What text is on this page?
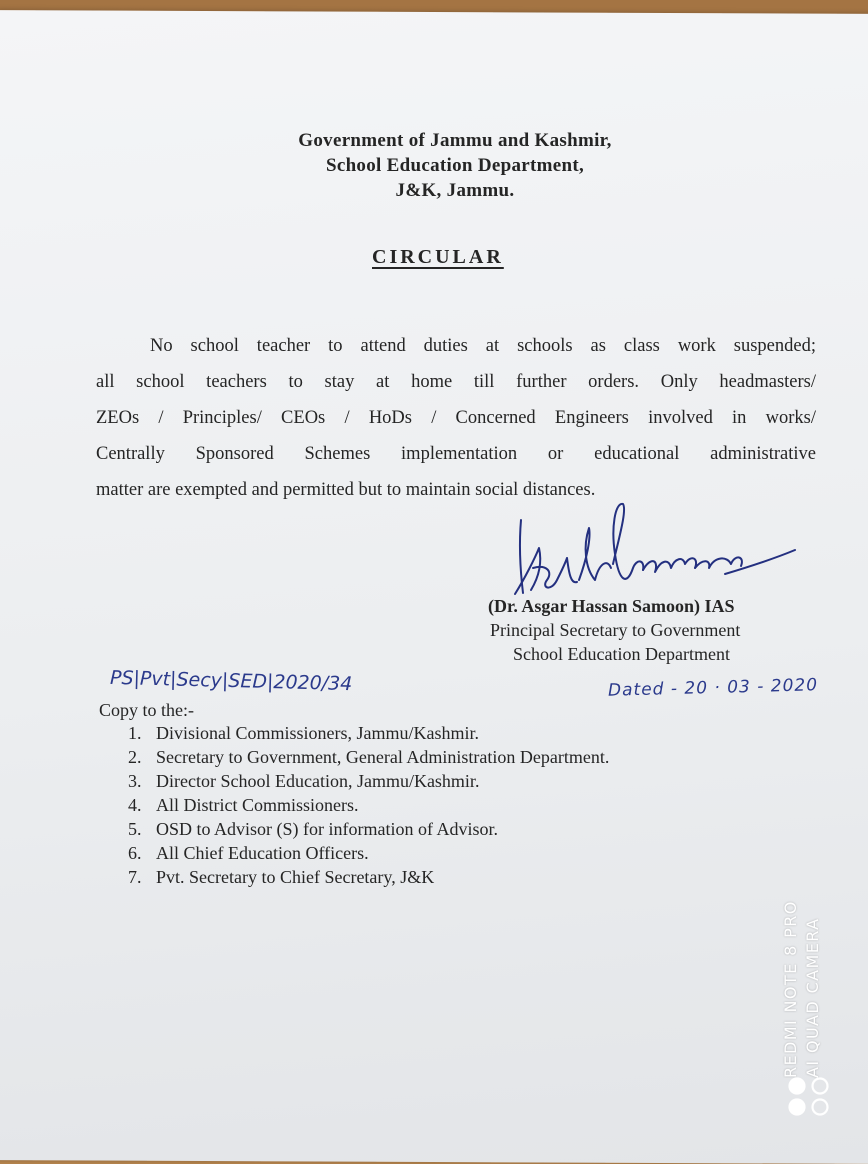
Government of Jammu and Kashmir,
School Education Department,
J&K, Jammu.
CIRCULAR
No school teacher to attend duties at schools as class work suspended;
all school teachers to stay at home till further orders. Only headmasters/
ZEOs / Principles/ CEOs / HoDs / Concerned Engineers involved in works/
Centrally Sponsored Schemes implementation or educational administrative
matter are exempted and permitted but to maintain social distances.
(Dr. Asgar Hassan Samoon) IAS
Principal Secretary to Government
School Education Department
PS|Pvt|Secy|SED|2020/34	Dated - 20 · 03 - 2020
Copy to the:-
1. Divisional Commissioners, Jammu/Kashmir.
2. Secretary to Government, General Administration Department.
3. Director School Education, Jammu/Kashmir.
4. All District Commissioners.
5. OSD to Advisor (S) for information of Advisor.
6. All Chief Education Officers.
7. Pvt. Secretary to Chief Secretary, J&K
REDMI NOTE 8 PRO AI QUAD CAMERA
